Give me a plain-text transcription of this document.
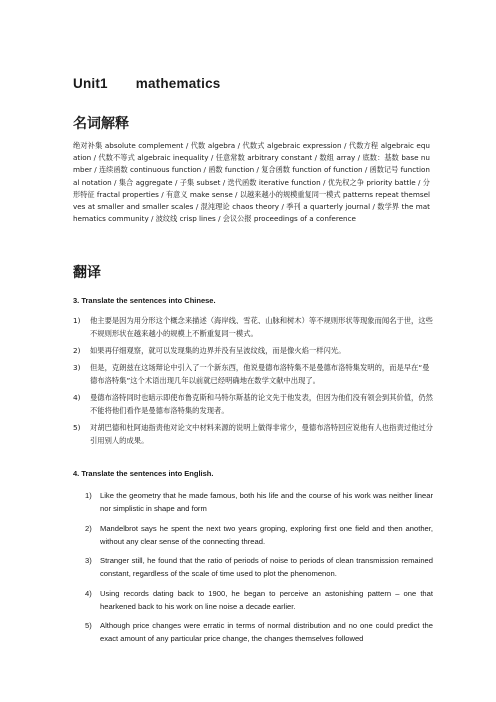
Unit1 mathematics
名词解释
绝对补集 absolute complement / 代数 algebra / 代数式 algebraic expression / 代数方程 algebraic equation / 代数不等式 algebraic inequality / 任意常数 arbitrary constant / 数组 array / 底数：基数 base number / 连续函数 continuous function / 函数 function / 复合函数 function of function / 函数记号 functional notation / 集合 aggregate / 子集 subset / 迭代函数 iterative function / 优先权之争 priority battle / 分形特征 fractal properties / 有意义 make sense / 以越来越小的规模重复同一模式 patterns repeat themselves at smaller and smaller scales / 混沌理论 chaos theory / 季刊 a quarterly journal / 数学界 the mathematics community / 波纹线 crisp lines / 会议公报 proceedings of a conference
翻译
3. Translate the sentences into Chinese.
1) 他主要是因为用分形这个概念来描述（海岸线、雪花、山脉和树木）等不规则形状等现象而闻名于世，这些不规则形状在越来越小的规模上不断重复同一模式。
2) 如果再仔细观察，就可以发现集的边界并没有呈波纹线，而是像火焰一样闪光。
3) 但是，克朗兹在这场辩论中引入了一个新东西，他说曼德布洛特集不是曼德布洛特集发明的，而是早在“曼德布洛特集”这个术语出现几年以前就已经明确地在数学文献中出现了。
4) 曼德布洛特同时也暗示即使布鲁克斯和马特尔斯基的论文先于他发表，但因为他们没有领会到其价值，仍然不能将他们看作是曼德布洛特集的发现者。
5) 对胡巴德和杜阿迪指责他对论文中材料来源的说明上做得非常少，曼德布洛特回应说他有人也指责过他过分引用别人的成果。
4. Translate the sentences into English.
1) Like the geometry that he made famous, both his life and the course of his work was neither linear nor simplistic in shape and form
2) Mandelbrot says he spent the next two years groping, exploring first one field and then another, without any clear sense of the connecting thread.
3) Stranger still, he found that the ratio of periods of noise to periods of clean transmission remained constant, regardless of the scale of time used to plot the phenomenon.
4) Using records dating back to 1900, he began to perceive an astonishing pattern – one that hearkened back to his work on line noise a decade earlier.
5) Although price changes were erratic in terms of normal distribution and no one could predict the exact amount of any particular price change, the changes themselves followed
